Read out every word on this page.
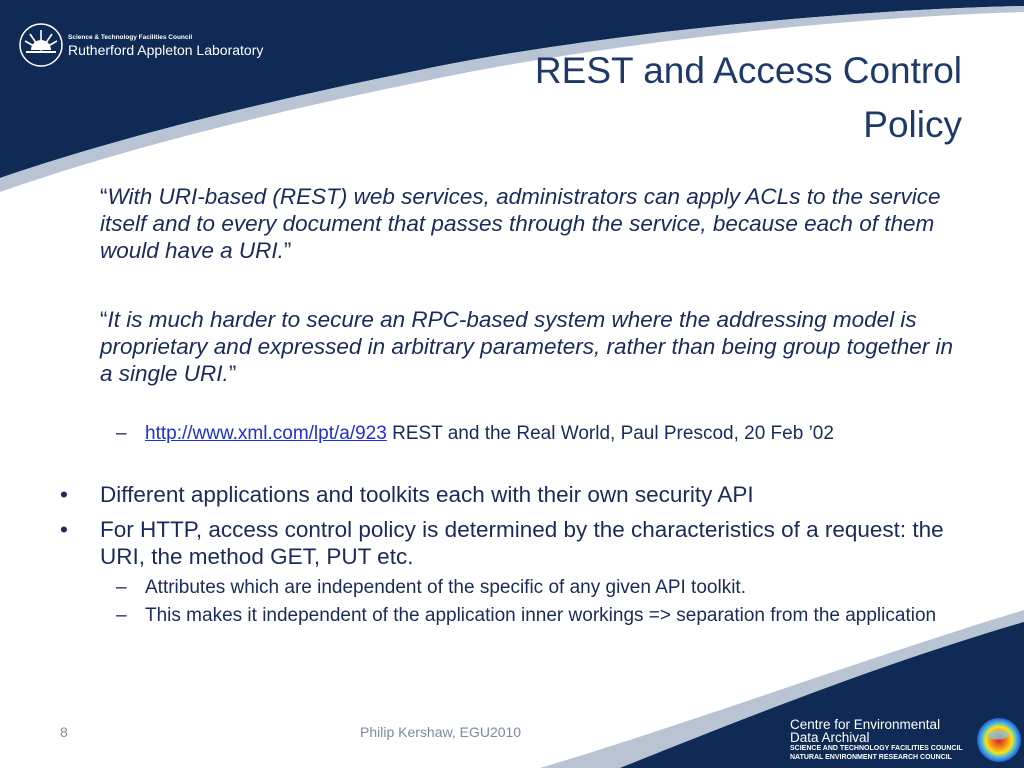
Science & Technology Facilities Council
Rutherford Appleton Laboratory	REST and Access Control
Policy
“With URI-based (REST) web services, administrators can apply ACLs to the service itself and to every document that passes through the service, because each of them would have a URI.”
“It is much harder to secure an RPC-based system where the addressing model is proprietary and expressed in arbitrary parameters, rather than being group together in a single URI.”
– http://www.xml.com/lpt/a/923 REST and the Real World, Paul Prescod, 20 Feb ’02
• Different applications and toolkits each with their own security API
• For HTTP, access control policy is determined by the characteristics of a request: the URI, the method GET, PUT etc.
– Attributes which are independent of the specific of any given API toolkit.
– This makes it independent of the application inner workings => separation from the application
8	Philip Kershaw, EGU2010	Centre for Environmental
Data Archival
SCIENCE AND TECHNOLOGY FACILITIES COUNCIL
NATURAL ENVIRONMENT RESEARCH COUNCIL
